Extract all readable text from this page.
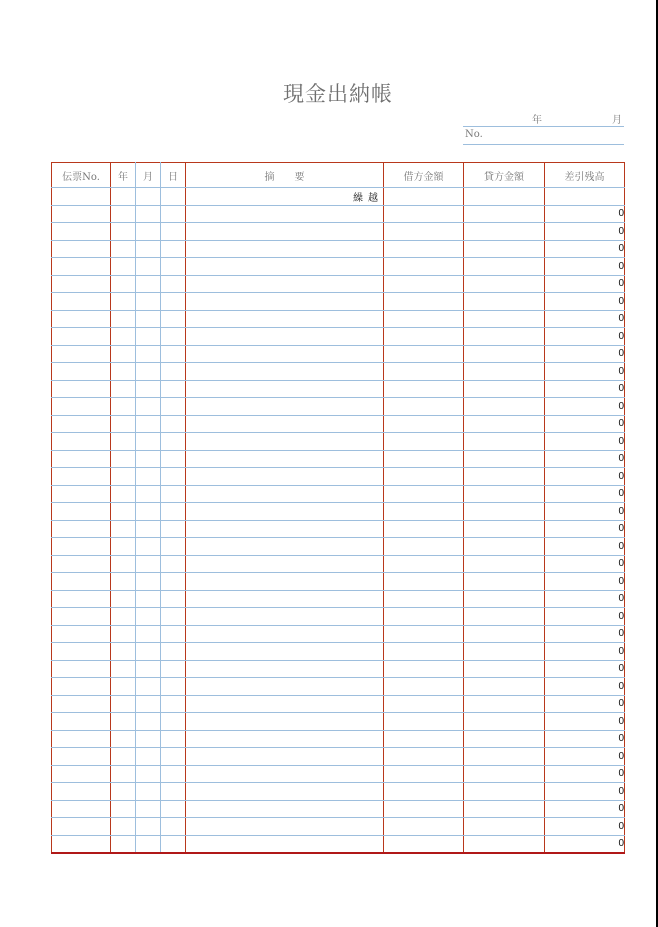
現金出納帳
年	月
No.
伝票No.	年	月	日	摘　　要	借方金額	貸方金額	差引残高
				繰越			
							0
							0
							0
							0
							0
							0
							0
							0
							0
							0
							0
							0
							0
							0
							0
							0
							0
							0
							0
							0
							0
							0
							0
							0
							0
							0
							0
							0
							0
							0
							0
							0
							0
							0
							0
							0
							0
